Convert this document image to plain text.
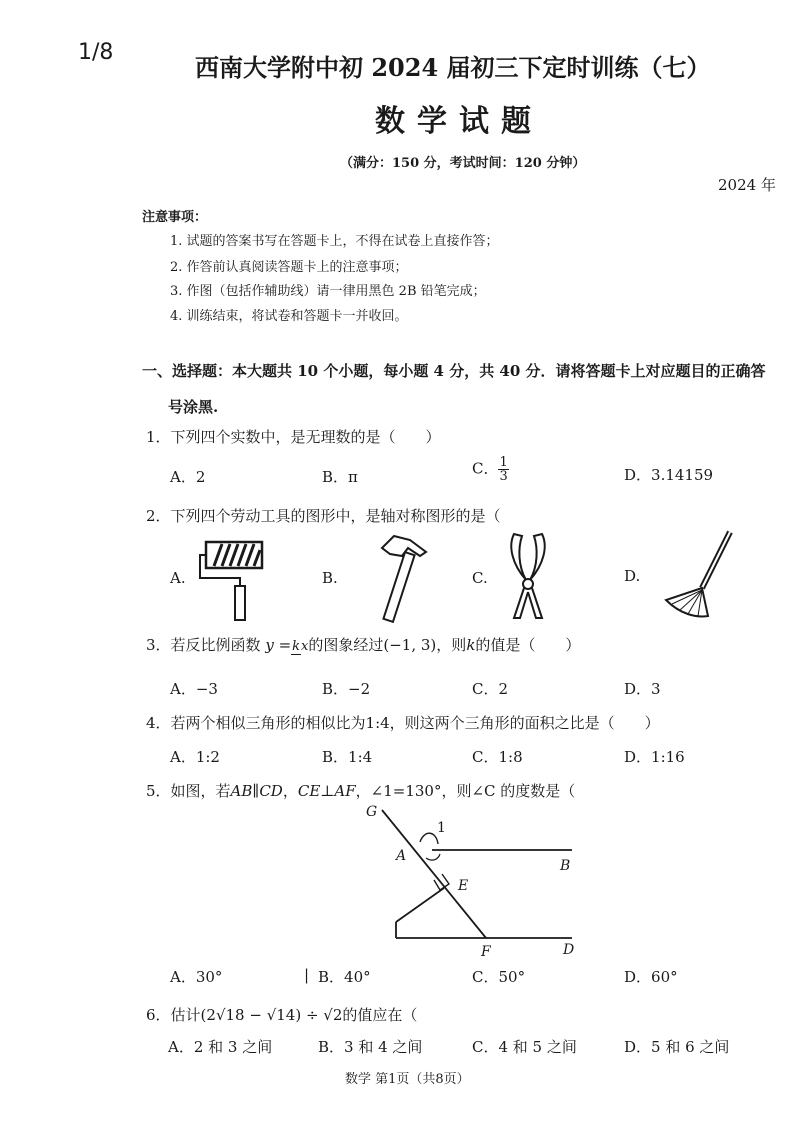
1/8
西南大学附中初 2024 届初三下定时训练（七）
数学试题
（满分：150 分，考试时间：120 分钟）
2024 年
注意事项：
1. 试题的答案书写在答题卡上，不得在试卷上直接作答；
2. 作答前认真阅读答题卡上的注意事项；
3. 作图（包括作辅助线）请一律用黑色 2B 铅笔完成；
4. 训练结束，将试卷和答题卡一并收回。
一、选择题：本大题共 10 个小题，每小题 4 分，共 40 分．请将答题卡上对应题目的正确答
号涂黑.
1．下列四个实数中，是无理数的是（　　）
A．2	B．π	C． $\frac{1}{3}$	D．3.14159
2．下列四个劳动工具的图形中，是轴对称图形的是（
A.	B.	C.	D.
3．若反比例函数 y =kx的图象经过(−1, 3)，则k的值是（　　）
A．−3	B．−2	C．2	D．3
4．若两个相似三角形的相似比为1:4，则这两个三角形的面积之比是（　　）
A．1:2	B．1:4	C．1:8	D．1:16
5．如图，若AB∥CD，CE⊥AF，∠1=130°，则∠C 的度数是（
G
1
A
B
E
F	D
A．30°	| B．40°	C．50°	D．60°
6．估计(2√18 − √14) ÷ √2的值应在（
A．2 和 3 之间	B．3 和 4 之间	C．4 和 5 之间	D．5 和 6 之间
数学 第1页（共8页）
